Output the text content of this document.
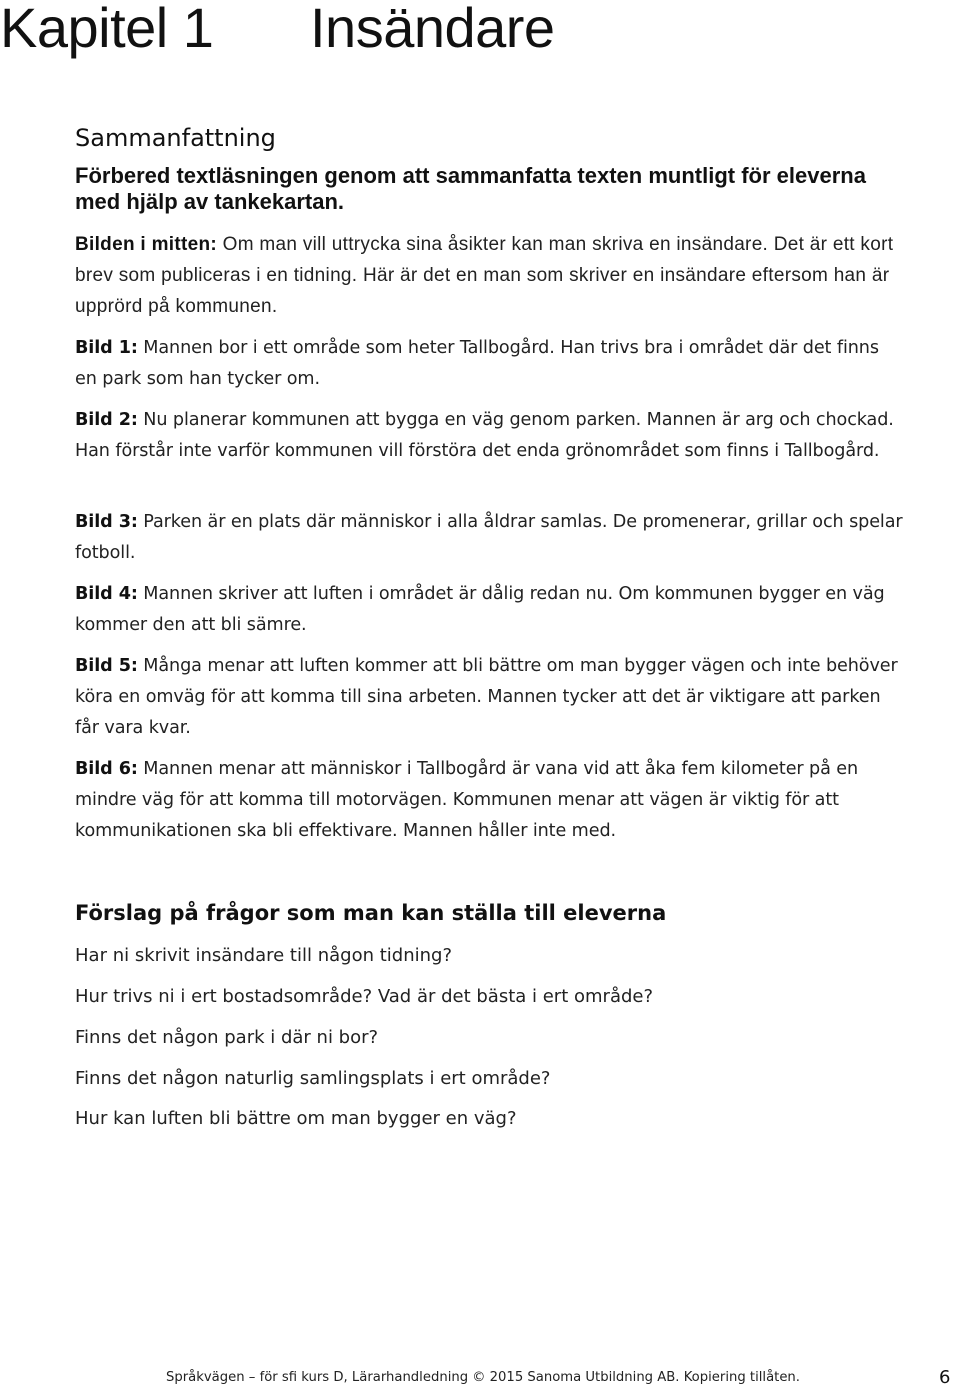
Kapitel 1 Insändare
Sammanfattning

Förbered textläsningen genom att sammanfatta texten muntligt för eleverna med hjälp av tankekartan.

Bilden i mitten: Om man vill uttrycka sina åsikter kan man skriva en insändare. Det är ett kort brev som publiceras i en tidning. Här är det en man som skriver en insändare eftersom han är upprörd på kommunen.

Bild 1: Mannen bor i ett område som heter Tallbogård. Han trivs bra i området där det finns en park som han tycker om.

Bild 2: Nu planerar kommunen att bygga en väg genom parken. Mannen är arg och chockad. Han förstår inte varför kommunen vill förstöra det enda grönområdet som finns i Tallbogård.

Bild 3: Parken är en plats där människor i alla åldrar samlas. De promenerar, grillar och spelar fotboll.

Bild 4: Mannen skriver att luften i området är dålig redan nu. Om kommunen bygger en väg kommer den att bli sämre.

Bild 5: Många menar att luften kommer att bli bättre om man bygger vägen och inte behöver köra en omväg för att komma till sina arbeten. Mannen tycker att det är viktigare att parken får vara kvar.

Bild 6: Mannen menar att människor i Tallbogård är vana vid att åka fem kilometer på en mindre väg för att komma till motorvägen. Kommunen menar att vägen är viktig för att kommunikationen ska bli effektivare. Mannen håller inte med.

Förslag på frågor som man kan ställa till eleverna

Har ni skrivit insändare till någon tidning?

Hur trivs ni i ert bostadsområde? Vad är det bästa i ert område?

Finns det någon park i där ni bor?

Finns det någon naturlig samlingsplats i ert område?

Hur kan luften bli bättre om man bygger en väg?

Språkvägen – för sfi kurs D, Lärarhandledning © 2015 Sanoma Utbildning AB. Kopiering tillåten.	6
